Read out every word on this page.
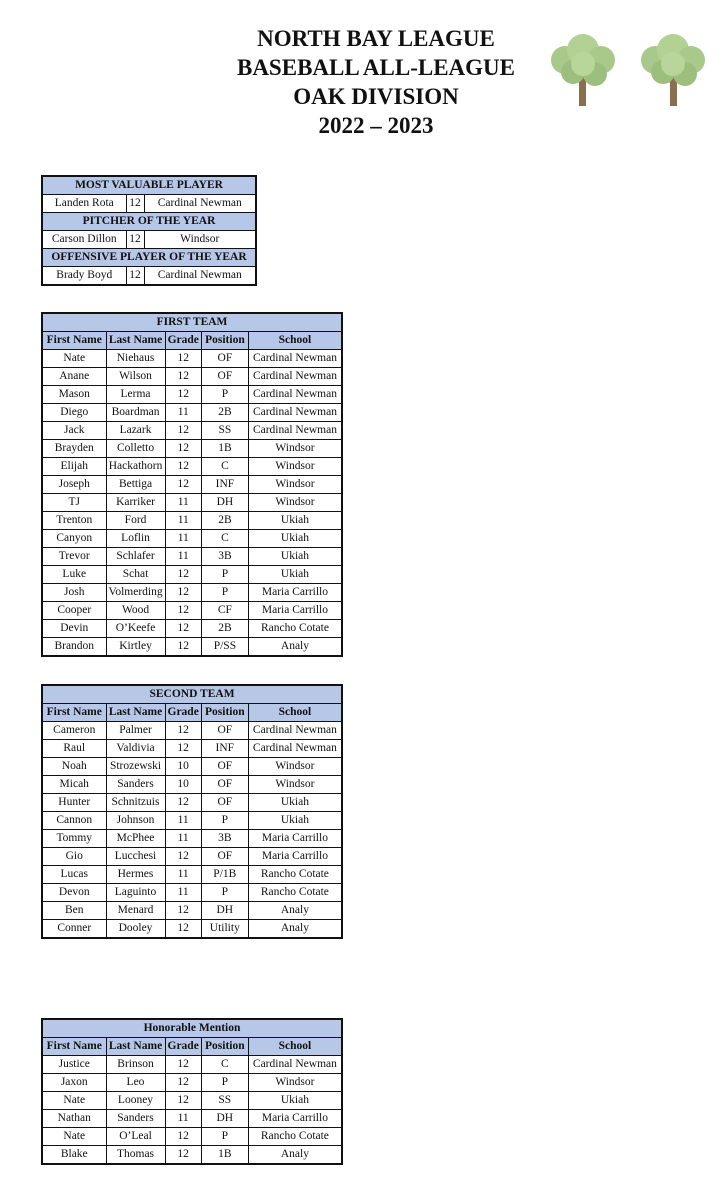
NORTH BAY LEAGUE
BASEBALL ALL-LEAGUE
OAK DIVISION
2022 – 2023
MOST VALUABLE PLAYER		
Landen Rota	12	Cardinal Newman
PITCHER OF THE YEAR		
Carson Dillon	12	Windsor
OFFENSIVE PLAYER OF THE YEAR		
Brady Boyd	12	Cardinal Newman
FIRST TEAM				
First Name	Last Name	Grade	Position	School
Nate	Niehaus	12	OF	Cardinal Newman
Anane	Wilson	12	OF	Cardinal Newman
Mason	Lerma	12	P	Cardinal Newman
Diego	Boardman	11	2B	Cardinal Newman
Jack	Lazark	12	SS	Cardinal Newman
Brayden	Colletto	12	1B	Windsor
Elijah	Hackathorn	12	C	Windsor
Joseph	Bettiga	12	INF	Windsor
TJ	Karriker	11	DH	Windsor
Trenton	Ford	11	2B	Ukiah
Canyon	Loflin	11	C	Ukiah
Trevor	Schlafer	11	3B	Ukiah
Luke	Schat	12	P	Ukiah
Josh	Volmerding	12	P	Maria Carrillo
Cooper	Wood	12	CF	Maria Carrillo
Devin	O’Keefe	12	2B	Rancho Cotate
Brandon	Kirtley	12	P/SS	Analy
SECOND TEAM				
First Name	Last Name	Grade	Position	School
Cameron	Palmer	12	OF	Cardinal Newman
Raul	Valdivia	12	INF	Cardinal Newman
Noah	Strozewski	10	OF	Windsor
Micah	Sanders	10	OF	Windsor
Hunter	Schnitzuis	12	OF	Ukiah
Cannon	Johnson	11	P	Ukiah
Tommy	McPhee	11	3B	Maria Carrillo
Gio	Lucchesi	12	OF	Maria Carrillo
Lucas	Hermes	11	P/1B	Rancho Cotate
Devon	Laguinto	11	P	Rancho Cotate
Ben	Menard	12	DH	Analy
Conner	Dooley	12	Utility	Analy
Honorable Mention				
First Name	Last Name	Grade	Position	School
Justice	Brinson	12	C	Cardinal Newman
Jaxon	Leo	12	P	Windsor
Nate	Looney	12	SS	Ukiah
Nathan	Sanders	11	DH	Maria Carrillo
Nate	O’Leal	12	P	Rancho Cotate
Blake	Thomas	12	1B	Analy
